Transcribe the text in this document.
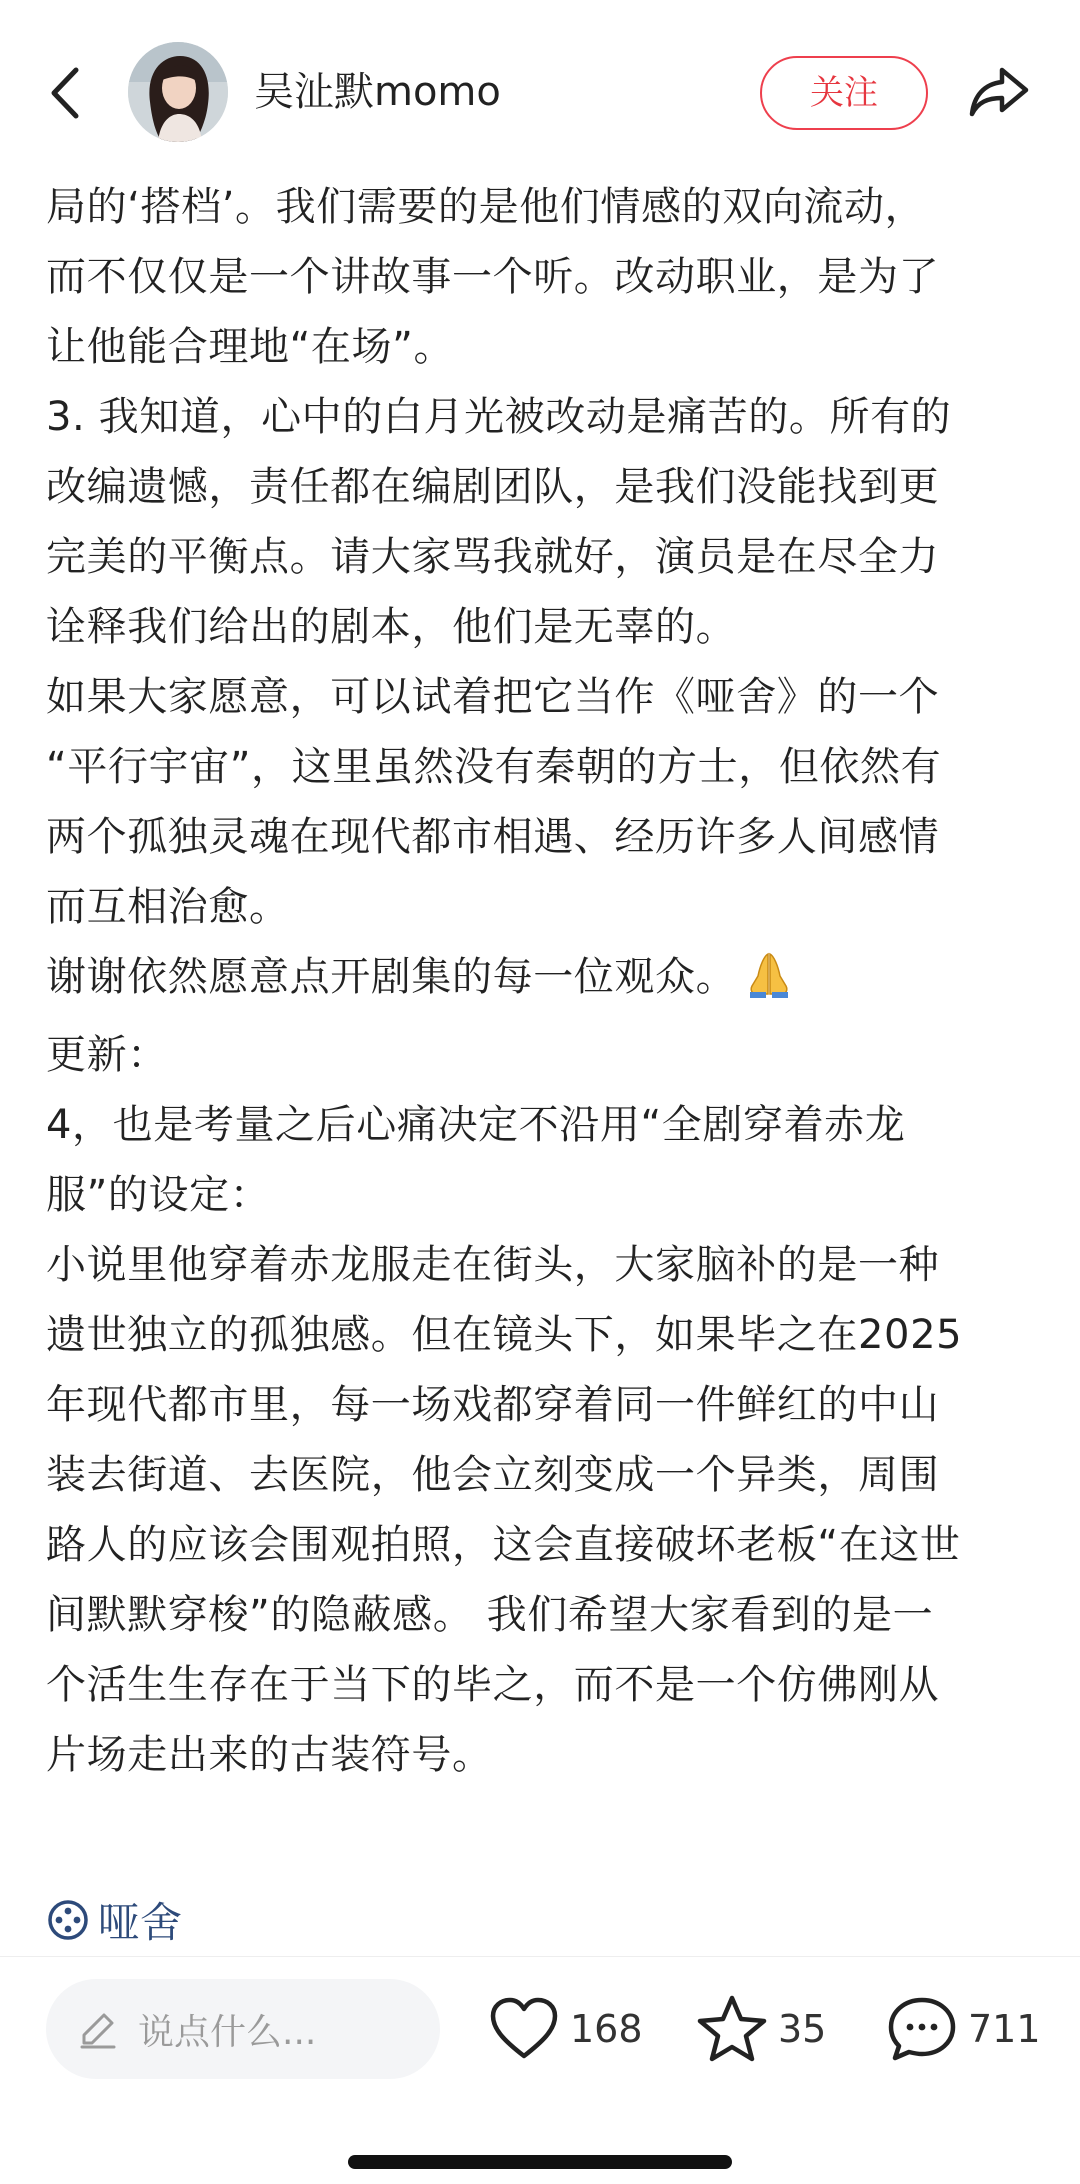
吴沚默momo	关注

局的‘搭档’。我们需要的是他们情感的双向流动，
而不仅仅是一个讲故事一个听。改动职业，是为了
让他能合理地“在场”。

3. 我知道，心中的白月光被改动是痛苦的。所有的
改编遗憾，责任都在编剧团队，是我们没能找到更
完美的平衡点。请大家骂我就好，演员是在尽全力
诠释我们给出的剧本，他们是无辜的。

如果大家愿意，可以试着把它当作《哑舍》的一个
“平行宇宙”，这里虽然没有秦朝的方士，但依然有
两个孤独灵魂在现代都市相遇、经历许多人间感情
而互相治愈。

谢谢依然愿意点开剧集的每一位观众。

更新：

4，也是考量之后心痛决定不沿用“全剧穿着赤龙
服”的设定：

小说里他穿着赤龙服走在街头，大家脑补的是一种
遗世独立的孤独感。但在镜头下，如果毕之在2025
年现代都市里，每一场戏都穿着同一件鲜红的中山
装去街道、去医院，他会立刻变成一个异类，周围
路人的应该会围观拍照，这会直接破坏老板“在这世
间默默穿梭”的隐蔽感。 我们希望大家看到的是一
个活生生存在于当下的毕之，而不是一个仿佛刚从
片场走出来的古装符号。

哑舍
说点什么...	168	35	711
